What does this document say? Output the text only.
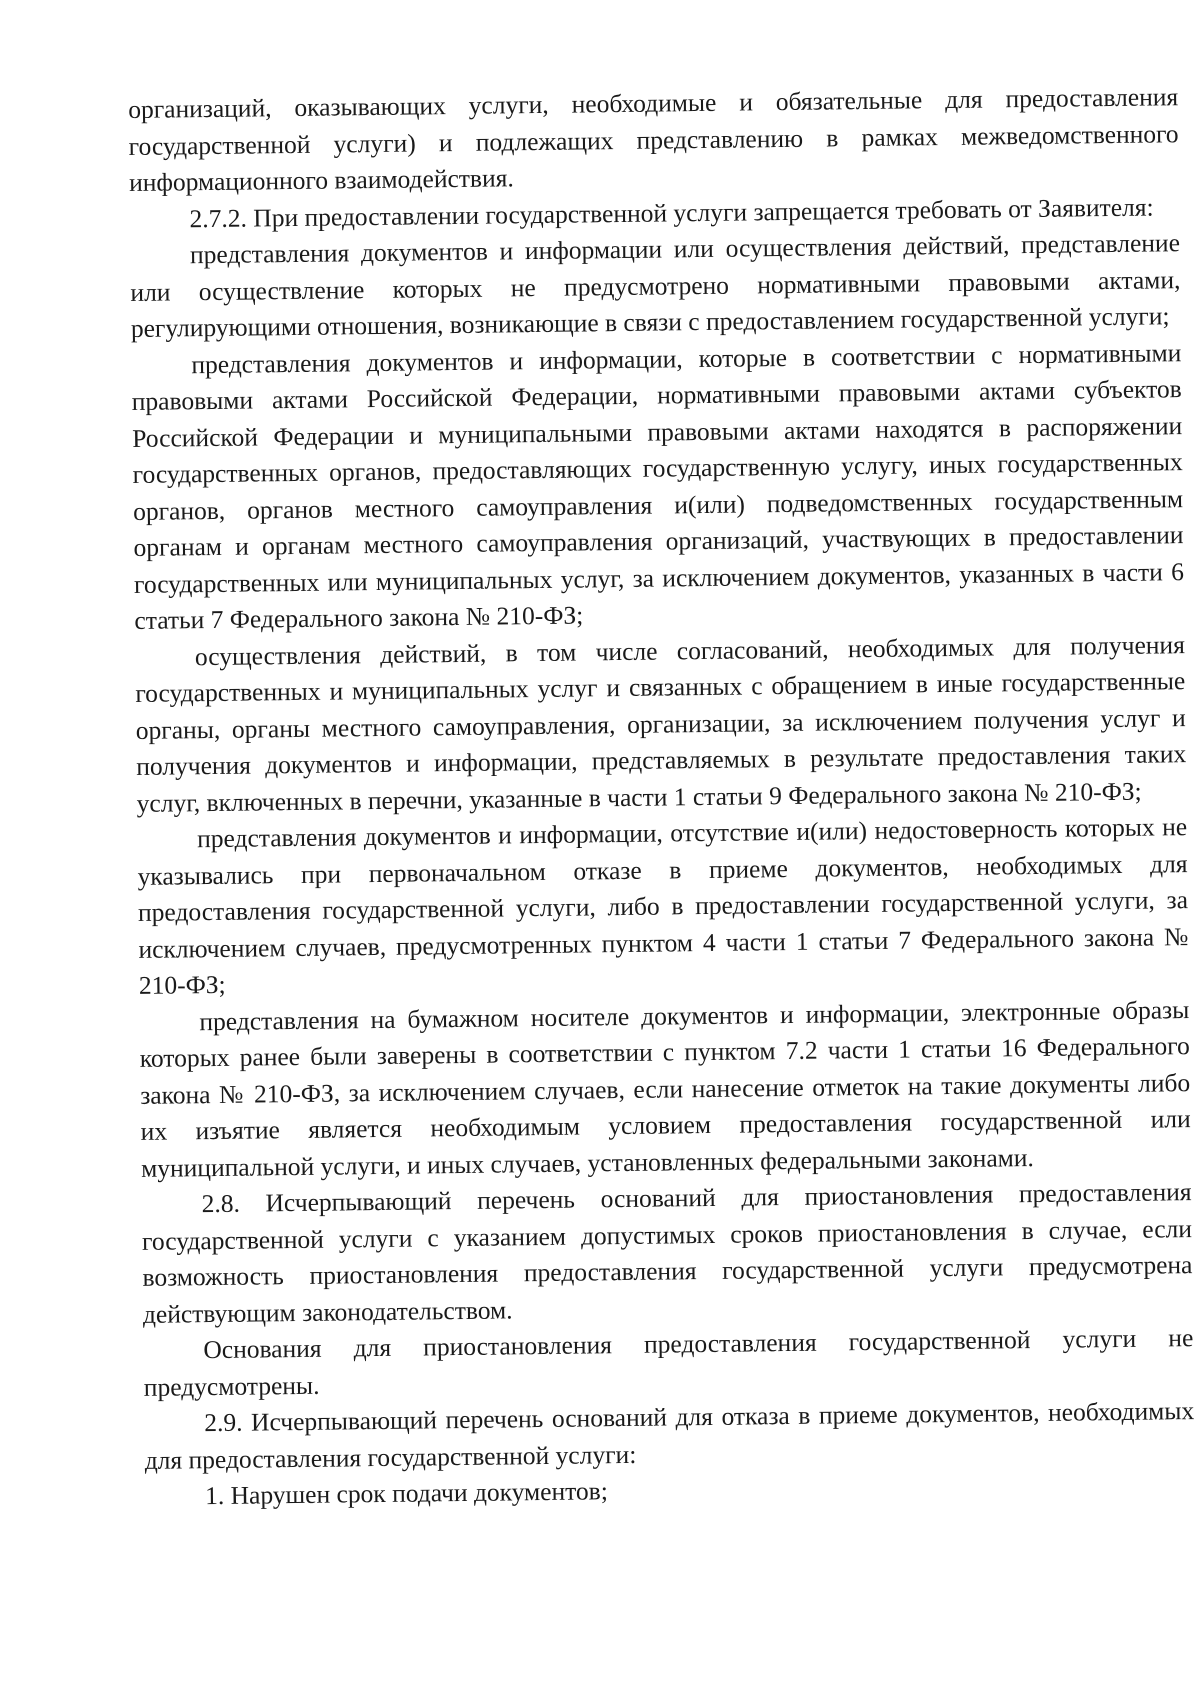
организаций, оказывающих услуги, необходимые и обязательные для предоставления государственной услуги) и подлежащих представлению в рамках межведомственного информационного взаимодействия.

2.7.2. При предоставлении государственной услуги запрещается требовать от Заявителя:

представления документов и информации или осуществления действий, представление или осуществление которых не предусмотрено нормативными правовыми актами, регулирующими отношения, возникающие в связи с предоставлением государственной услуги;

представления документов и информации, которые в соответствии с нормативными правовыми актами Российской Федерации, нормативными правовыми актами субъектов Российской Федерации и муниципальными правовыми актами находятся в распоряжении государственных органов, предоставляющих государственную услугу, иных государственных органов, органов местного самоуправления и(или) подведомственных государственным органам и органам местного самоуправления организаций, участвующих в предоставлении государственных или муниципальных услуг, за исключением документов, указанных в части 6 статьи 7 Федерального закона № 210-ФЗ;

осуществления действий, в том числе согласований, необходимых для получения государственных и муниципальных услуг и связанных с обращением в иные государственные органы, органы местного самоуправления, организации, за исключением получения услуг и получения документов и информации, представляемых в результате предоставления таких услуг, включенных в перечни, указанные в части 1 статьи 9 Федерального закона № 210-ФЗ;

представления документов и информации, отсутствие и(или) недостоверность которых не указывались при первоначальном отказе в приеме документов, необходимых для предоставления государственной услуги, либо в предоставлении государственной услуги, за исключением случаев, предусмотренных пунктом 4 части 1 статьи 7 Федерального закона № 210-ФЗ;

представления на бумажном носителе документов и информации, электронные образы которых ранее были заверены в соответствии с пунктом 7.2 части 1 статьи 16 Федерального закона № 210-ФЗ, за исключением случаев, если нанесение отметок на такие документы либо их изъятие является необходимым условием предоставления государственной или муниципальной услуги, и иных случаев, установленных федеральными законами.

2.8. Исчерпывающий перечень оснований для приостановления предоставления государственной услуги с указанием допустимых сроков приостановления в случае, если возможность приостановления предоставления государственной услуги предусмотрена действующим законодательством.

Основания для приостановления предоставления государственной услуги не предусмотрены.

2.9. Исчерпывающий перечень оснований для отказа в приеме документов, необходимых для предоставления государственной услуги:

1. Нарушен срок подачи документов;
